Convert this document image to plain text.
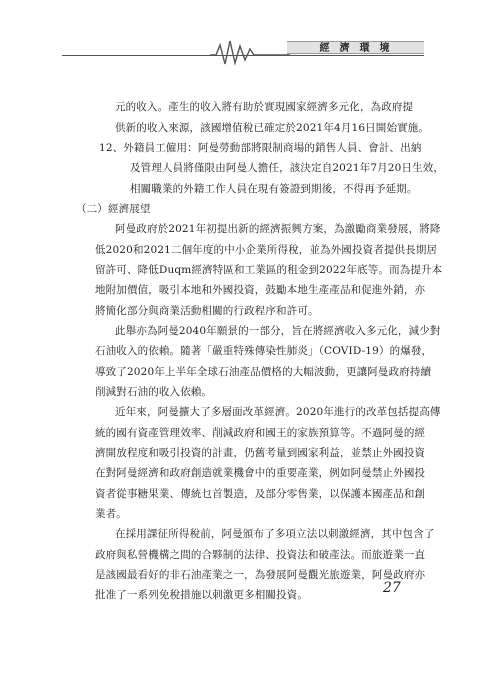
經濟環境
元的收入。產生的收入將有助於實現國家經濟多元化，為政府提
供新的收入來源，該國增值稅已確定於2021年4月16日開始實施。
12、外籍員工僱用：阿曼勞動部將限制商場的銷售人員、會計、出納
及管理人員將僅限由阿曼人擔任，該決定自2021年7月20日生效，
相關職業的外籍工作人員在現有簽證到期後，不得再予延期。
（二）經濟展望
阿曼政府於2021年初提出新的經濟振興方案，為激勵商業發展，將降
低2020和2021二個年度的中小企業所得稅，並為外國投資者提供長期居
留許可、降低Duqm經濟特區和工業區的租金到2022年底等。而為提升本
地附加價值，吸引本地和外國投資，鼓勵本地生產產品和促進外銷，亦
將簡化部分與商業活動相關的行政程序和許可。
此舉亦為阿曼2040年願景的一部分，旨在將經濟收入多元化，減少對
石油收入的依賴。隨著「嚴重特殊傳染性肺炎」（COVID-19）的爆發，
導致了2020年上半年全球石油產品價格的大幅波動，更讓阿曼政府持續
削減對石油的收入依賴。
近年來，阿曼擴大了多層面改革經濟。2020年進行的改革包括提高傳
統的國有資產管理效率、削減政府和國王的家族預算等。不過阿曼的經
濟開放程度和吸引投資的計畫，仍舊考量到國家利益，並禁止外國投資
在對阿曼經濟和政府創造就業機會中的重要產業，例如阿曼禁止外國投
資者從事糖果業、傳統乜首製造，及部分零售業，以保護本國產品和創
業者。
在採用課征所得稅前，阿曼頒布了多項立法以刺激經濟，其中包含了
政府與私營機構之間的合夥制的法律、投資法和破產法。而旅遊業一直
是該國最看好的非石油產業之一，為發展阿曼觀光旅遊業，阿曼政府亦
批准了一系列免稅措施以刺激更多相關投資。	27
